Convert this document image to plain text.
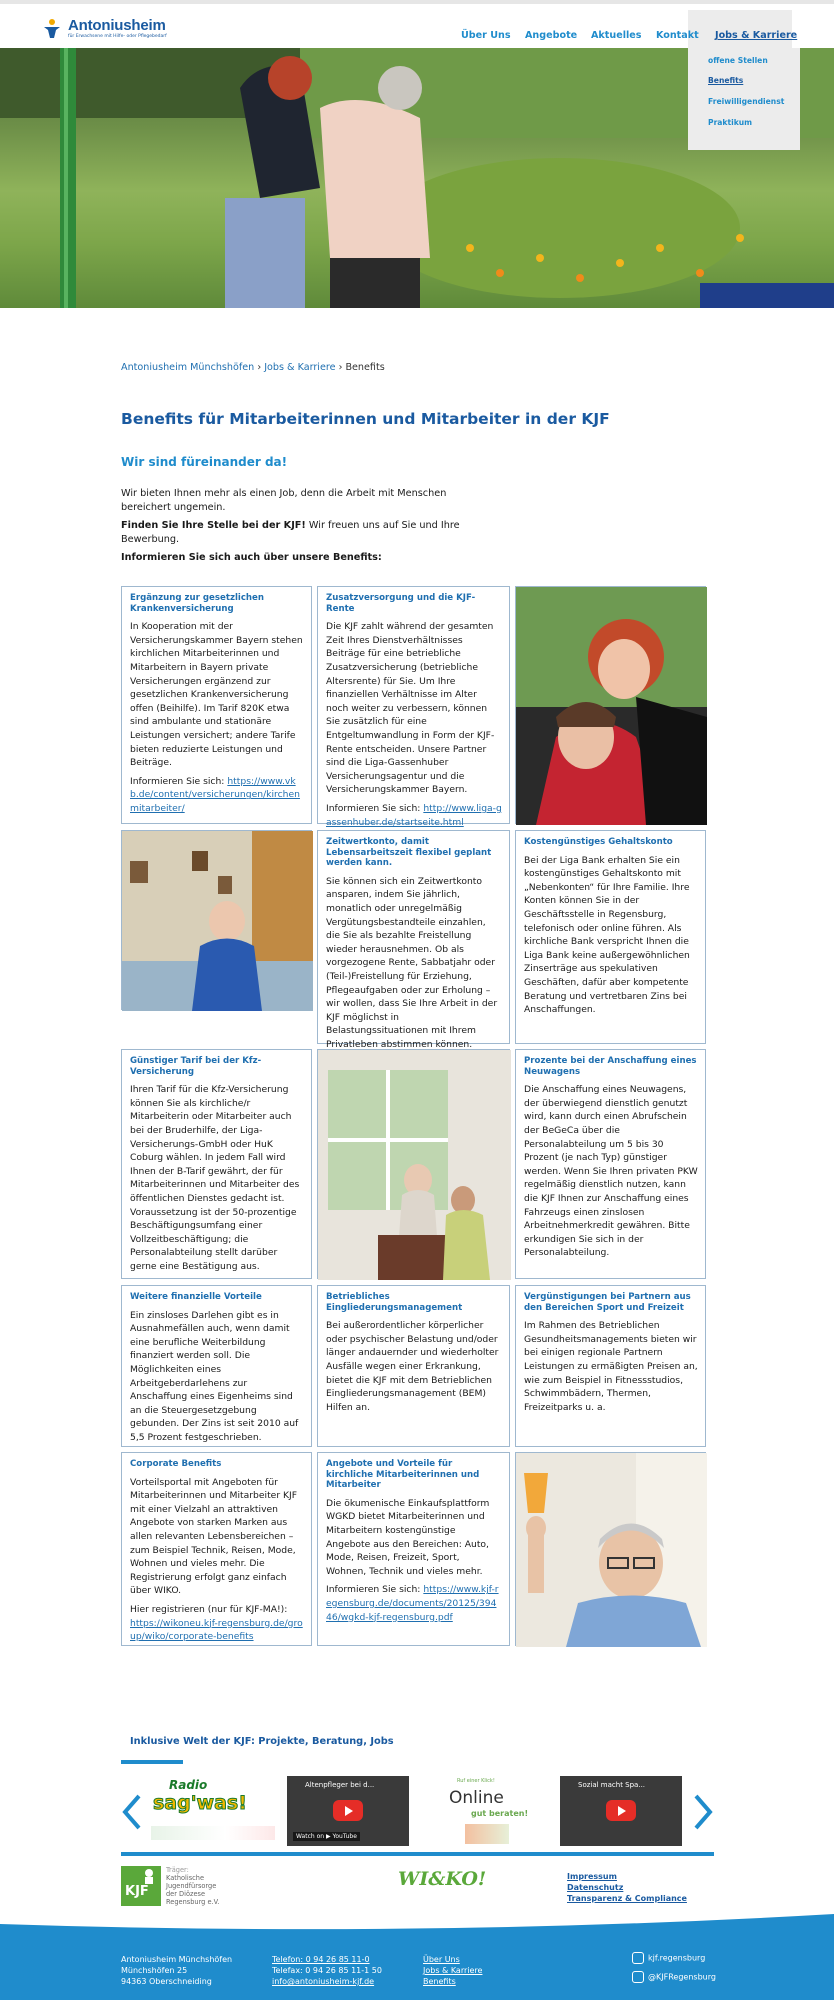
Antoniusheim
für Erwachsene mit Hilfe- oder Pflegebedarf	Über Uns Angebote Aktuelles Kontakt Jobs & Karriere
offene Stellen
Benefits
Freiwilligendienst
Praktikum
Antoniusheim Münchshöfen › Jobs & Karriere › Benefits
Benefits für Mitarbeiterinnen und Mitarbeiter in der KJF
Wir sind füreinander da!

Wir bieten Ihnen mehr als einen Job, denn die Arbeit mit Menschen bereichert ungemein.

Finden Sie Ihre Stelle bei der KJF! Wir freuen uns auf Sie und Ihre Bewerbung.

Informieren Sie sich auch über unsere Benefits:

Ergänzung zur gesetzlichen Krankenversicherung
In Kooperation mit der Versicherungskammer Bayern stehen kirchlichen Mitarbeiterinnen und Mitarbeitern in Bayern private Versicherungen ergänzend zur gesetzlichen Krankenversicherung offen (Beihilfe). Im Tarif 820K etwa sind ambulante und stationäre Leistungen versichert; andere Tarife bieten reduzierte Leistungen und Beiträge.
Informieren Sie sich: https://www.vkb.de/content/versicherungen/kirchenmitarbeiter/
Zusatzversorgung und die KJF-Rente
Die KJF zahlt während der gesamten Zeit Ihres Dienstverhältnisses Beiträge für eine betriebliche Zusatzversicherung (betriebliche Altersrente) für Sie. Um Ihre finanziellen Verhältnisse im Alter noch weiter zu verbessern, können Sie zusätzlich für eine Entgeltumwandlung in Form der KJF-Rente entscheiden. Unsere Partner sind die Liga-Gassenhuber Versicherungsagentur und die Versicherungskammer Bayern.
Informieren Sie sich: http://www.liga-gassenhuber.de/startseite.html
Zeitwertkonto, damit Lebensarbeitszeit flexibel geplant werden kann.
Sie können sich ein Zeitwertkonto ansparen, indem Sie jährlich, monatlich oder unregelmäßig Vergütungsbestandteile einzahlen, die Sie als bezahlte Freistellung wieder herausnehmen. Ob als vorgezogene Rente, Sabbatjahr oder (Teil-)Freistellung für Erziehung, Pflegeaufgaben oder zur Erholung – wir wollen, dass Sie Ihre Arbeit in der KJF möglichst in Belastungssituationen mit Ihrem Privatleben abstimmen können.
Kostengünstiges Gehaltskonto
Bei der Liga Bank erhalten Sie ein kostengünstiges Gehaltskonto mit „Nebenkonten“ für Ihre Familie. Ihre Konten können Sie in der Geschäftsstelle in Regensburg, telefonisch oder online führen. Als kirchliche Bank verspricht Ihnen die Liga Bank keine außergewöhnlichen Zinserträge aus spekulativen Geschäften, dafür aber kompetente Beratung und vertretbaren Zins bei Anschaffungen.
Günstiger Tarif bei der Kfz-Versicherung
Ihren Tarif für die Kfz-Versicherung können Sie als kirchliche/r Mitarbeiterin oder Mitarbeiter auch bei der Bruderhilfe, der Liga-Versicherungs-GmbH oder HuK Coburg wählen. In jedem Fall wird Ihnen der B-Tarif gewährt, der für Mitarbeiterinnen und Mitarbeiter des öffentlichen Dienstes gedacht ist. Voraussetzung ist der 50-prozentige Beschäftigungsumfang einer Vollzeitbeschäftigung; die Personalabteilung stellt darüber gerne eine Bestätigung aus.
Prozente bei der Anschaffung eines Neuwagens
Die Anschaffung eines Neuwagens, der überwiegend dienstlich genutzt wird, kann durch einen Abrufschein der BeGeCa über die Personalabteilung um 5 bis 30 Prozent (je nach Typ) günstiger werden. Wenn Sie Ihren privaten PKW regelmäßig dienstlich nutzen, kann die KJF Ihnen zur Anschaffung eines Fahrzeugs einen zinslosen Arbeitnehmerkredit gewähren. Bitte erkundigen Sie sich in der Personalabteilung.
Weitere finanzielle Vorteile
Ein zinsloses Darlehen gibt es in Ausnahmefällen auch, wenn damit eine berufliche Weiterbildung finanziert werden soll. Die Möglichkeiten eines Arbeitgeberdarlehens zur Anschaffung eines Eigenheims sind an die Steuergesetzgebung gebunden. Der Zins ist seit 2010 auf 5,5 Prozent festgeschrieben.
Betriebliches Eingliederungsmanagement
Bei außerordentlicher körperlicher oder psychischer Belastung und/oder länger andauernder und wiederholter Ausfälle wegen einer Erkrankung, bietet die KJF mit dem Betrieblichen Eingliederungsmanagement (BEM) Hilfen an.
Vergünstigungen bei Partnern aus den Bereichen Sport und Freizeit
Im Rahmen des Betrieblichen Gesundheitsmanagements bieten wir bei einigen regionale Partnern Leistungen zu ermäßigten Preisen an, wie zum Beispiel in Fitnessstudios, Schwimmbädern, Thermen, Freizeitparks u. a.
Corporate Benefits
Vorteilsportal mit Angeboten für Mitarbeiterinnen und Mitarbeiter KJF mit einer Vielzahl an attraktiven Angebote von starken Marken aus allen relevanten Lebensbereichen – zum Beispiel Technik, Reisen, Mode, Wohnen und vieles mehr. Die Registrierung erfolgt ganz einfach über WIKO.
Hier registrieren (nur für KJF-MA!):
https://wikoneu.kjf-regensburg.de/group/wiko/corporate-benefits
Angebote und Vorteile für kirchliche Mitarbeiterinnen und Mitarbeiter
Die ökumenische Einkaufsplattform WGKD bietet Mitarbeiterinnen und Mitarbeitern kostengünstige Angebote aus den Bereichen: Auto, Mode, Reisen, Freizeit, Sport, Wohnen, Technik und vieles mehr.
Informieren Sie sich: https://www.kjf-regensburg.de/documents/20125/39446/wgkd-kjf-regensburg.pdf
Inklusive Welt der KJF: Projekte, Beratung, Jobs
Radio
sag'was!
Altenpfleger bei d...
Watch on ▶ YouTube
Ruf einer Klick!
Online
gut beraten!
Sozial macht Spa...
KJF
Träger:
Katholische
Jugendfürsorge
der Diözese
Regensburg e.V.
WI&KO!	Impressum
Datenschutz
Transparenz & Compliance
Antoniusheim Münchshöfen
Münchshöfen 25
94363 Oberschneiding
Telefon: 0 94 26 85 11-0
Telefax: 0 94 26 85 11-1 50
info@antoniusheim-kjf.de
Über Uns
Jobs & Karriere
Benefits
kjf.regensburg
@KJFRegensburg
